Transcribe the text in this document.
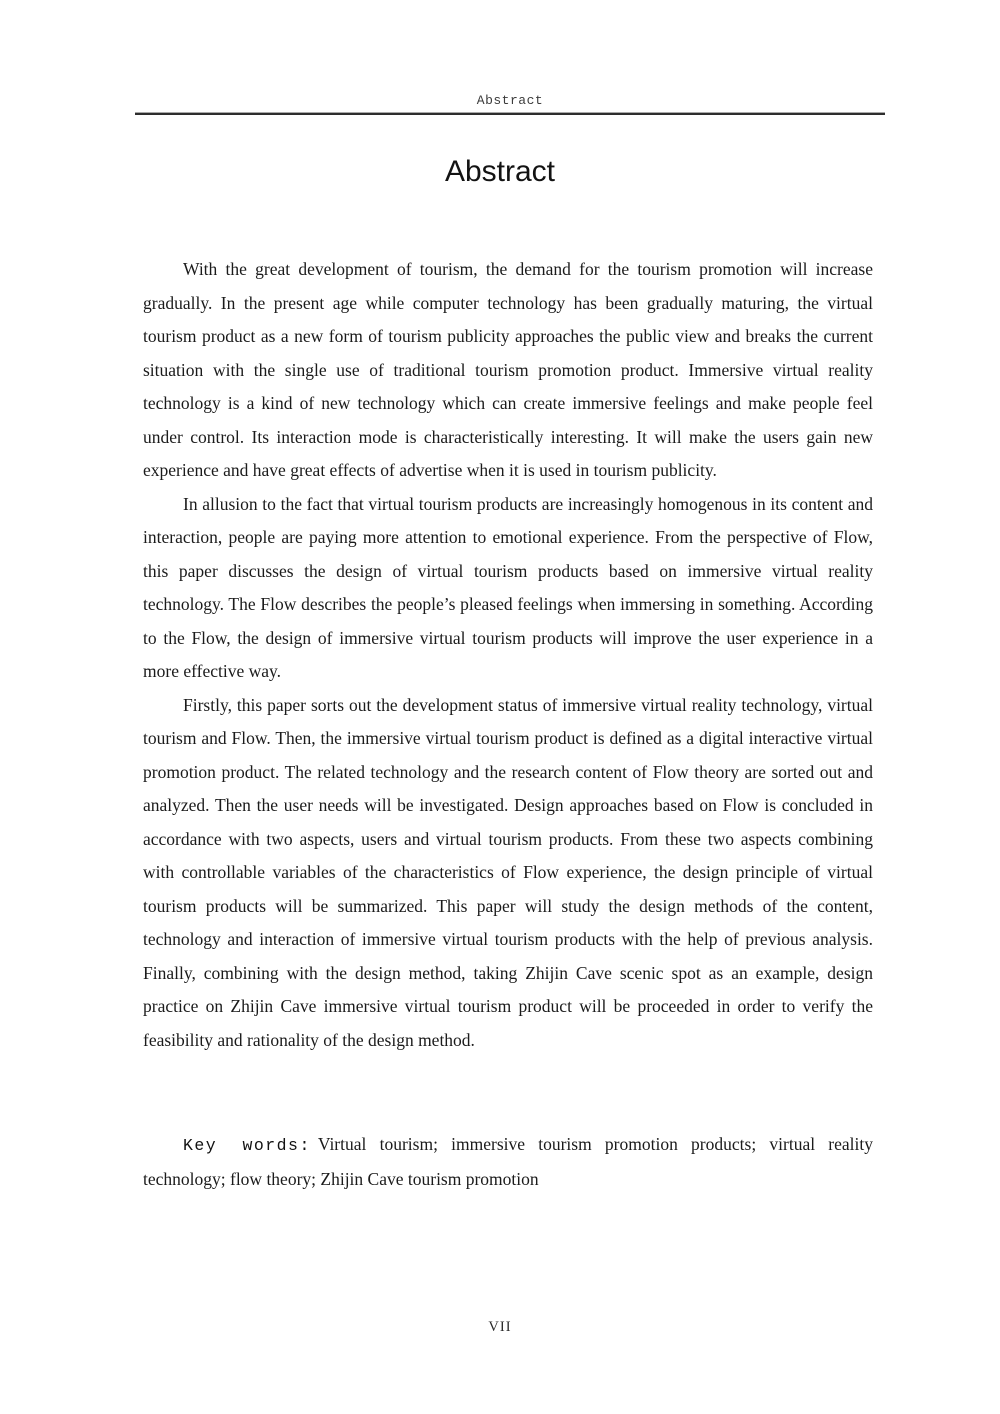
Abstract
Abstract

With the great development of tourism, the demand for the tourism promotion will increase gradually. In the present age while computer technology has been gradually maturing, the virtual tourism product as a new form of tourism publicity approaches the public view and breaks the current situation with the single use of traditional tourism promotion product. Immersive virtual reality technology is a kind of new technology which can create immersive feelings and make people feel under control. Its interaction mode is characteristically interesting. It will make the users gain new experience and have great effects of advertise when it is used in tourism publicity.

In allusion to the fact that virtual tourism products are increasingly homogenous in its content and interaction, people are paying more attention to emotional experience. From the perspective of Flow, this paper discusses the design of virtual tourism products based on immersive virtual reality technology. The Flow describes the people’s pleased feelings when immersing in something. According to the Flow, the design of immersive virtual tourism products will improve the user experience in a more effective way.

Firstly, this paper sorts out the development status of immersive virtual reality technology, virtual tourism and Flow. Then, the immersive virtual tourism product is defined as a digital interactive virtual promotion product. The related technology and the research content of Flow theory are sorted out and analyzed. Then the user needs will be investigated. Design approaches based on Flow is concluded in accordance with two aspects, users and virtual tourism products. From these two aspects combining with controllable variables of the characteristics of Flow experience, the design principle of virtual tourism products will be summarized. This paper will study the design methods of the content, technology and interaction of immersive virtual tourism products with the help of previous analysis. Finally, combining with the design method, taking Zhijin Cave scenic spot as an example, design practice on Zhijin Cave immersive virtual tourism product will be proceeded in order to verify the feasibility and rationality of the design method.

Key words: Virtual tourism; immersive tourism promotion products; virtual reality technology; flow theory; Zhijin Cave tourism promotion

VII
